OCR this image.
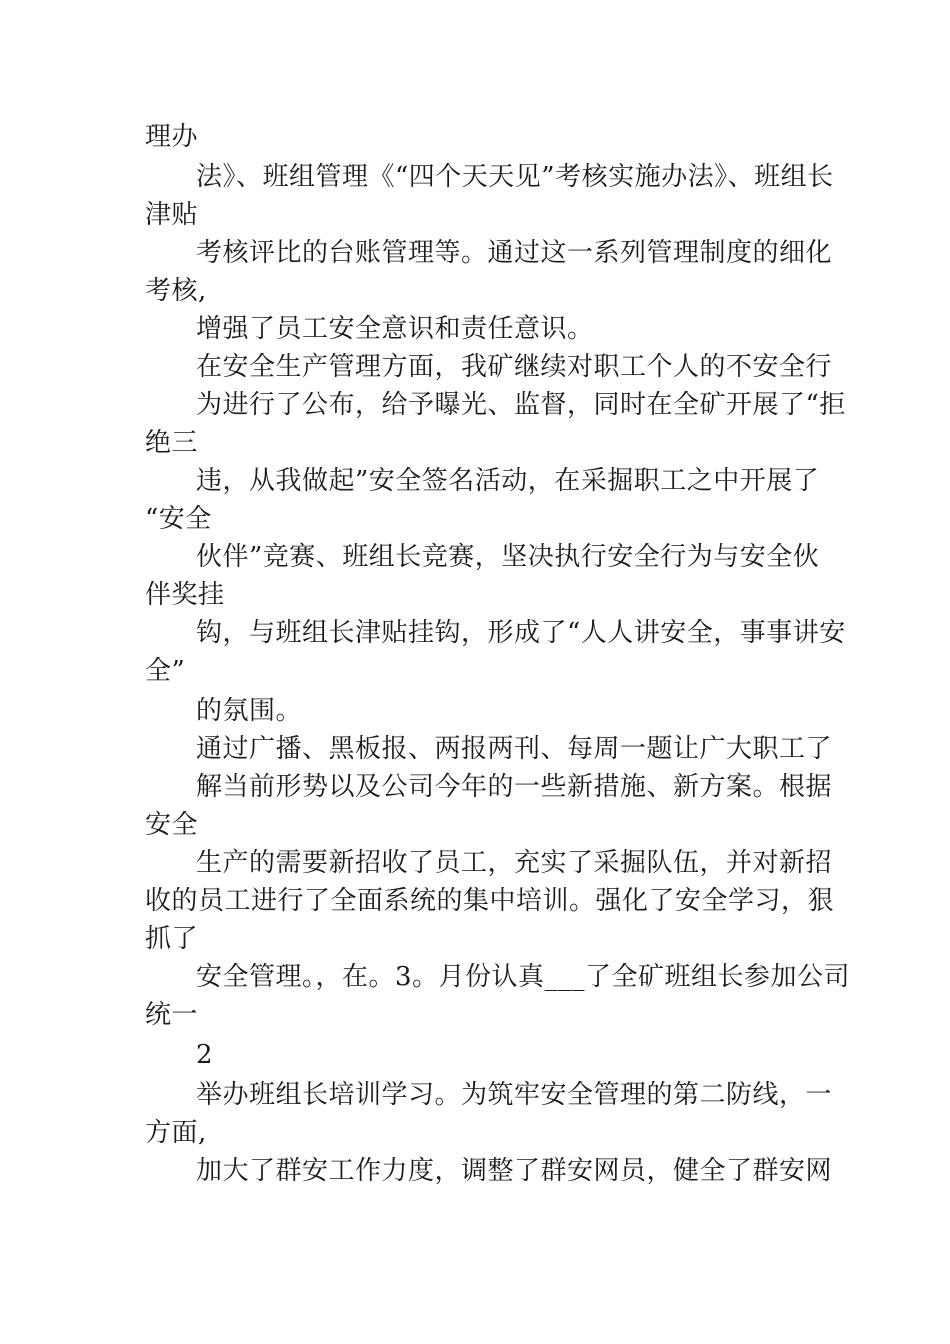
理办
法》、班组管理《“四个天天见”考核实施办法》、班组长
津贴
考核评比的台账管理等。通过这一系列管理制度的细化
考核,
增强了员工安全意识和责任意识。
在安全生产管理方面，我矿继续对职工个人的不安全行
为进行了公布，给予曝光、监督，同时在全矿开展了“拒
绝三
违，从我做起”安全签名活动，在采掘职工之中开展了
“安全
伙伴”竞赛、班组长竞赛，坚决执行安全行为与安全伙
伴奖挂
钩，与班组长津贴挂钩，形成了“人人讲安全，事事讲安
全”
的氛围。
通过广播、黑板报、两报两刊、每周一题让广大职工了
解当前形势以及公司今年的一些新措施、新方案。根据
安全
生产的需要新招收了员工，充实了采掘队伍，并对新招
收的员工进行了全面系统的集中培训。强化了安全学习，狠
抓了
安全管理。，在。3。月份认真___了全矿班组长参加公司
统一
2
举办班组长培训学习。为筑牢安全管理的第二防线，一
方面,
加大了群安工作力度，调整了群安网员，健全了群安网
